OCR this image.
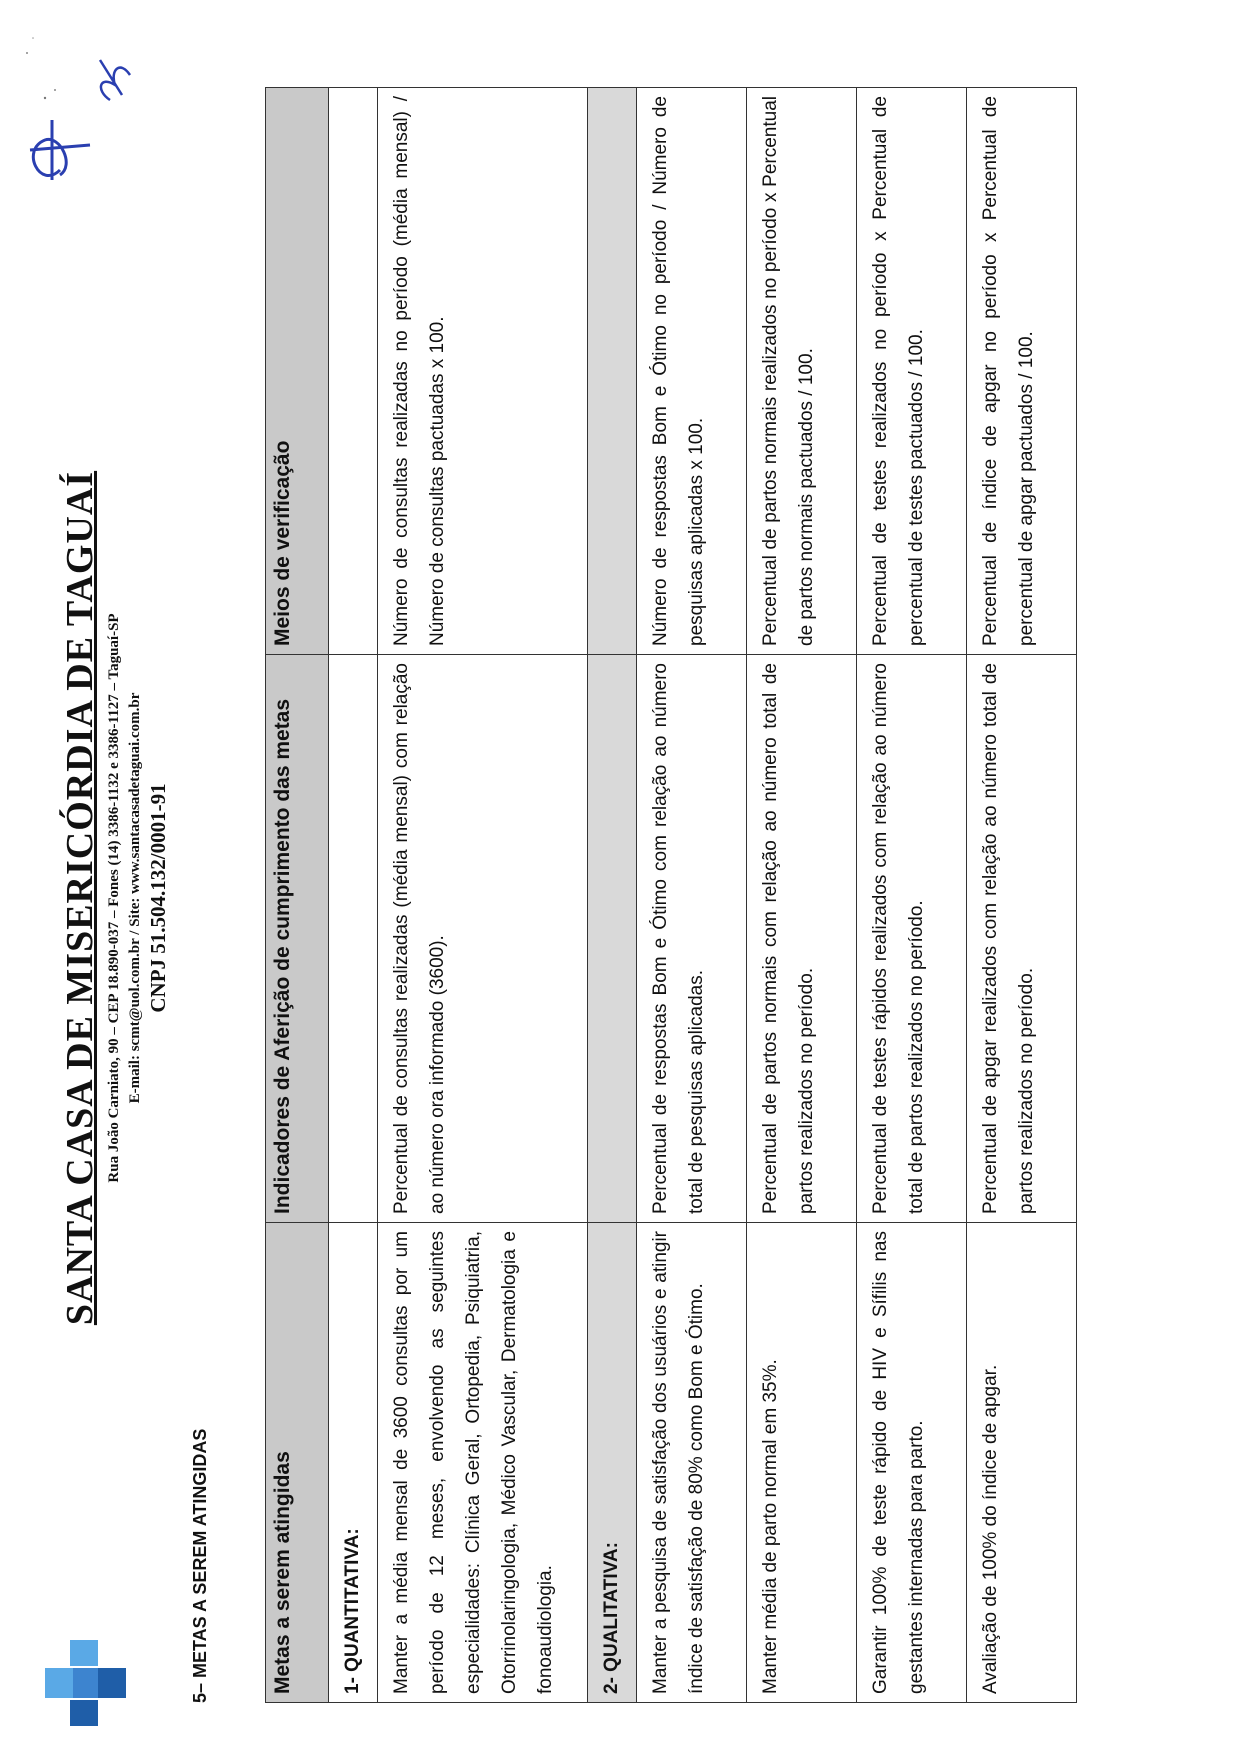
SANTA CASA DE MISERICÓRDIA DE TAGUAÍ Rua João Carniato, 90 – CEP 18.890-037 – Fones (14) 3386-1132 e 3386-1127 – Taguaí-SP E-mail: scmt@uol.com.br / Site: www.santacasadetaguai.com.br CNPJ 51.504.132/0001-91
5– METAS A SEREM ATINGIDAS	Metas a serem atingidas	Indicadores de Aferição de cumprimento das metas	Meios de verificação
1- QUANTITATIVA:		
Manter a média mensal de 3600 consultas por um período de 12 meses, envolvendo as seguintes especialidades: Clínica Geral, Ortopedia, Psiquiatria, Otorrinolaringologia, Médico Vascular, Dermatologia e fonoaudiologia.	Percentual de consultas realizadas (média mensal) com relação ao número ora informado (3600).	Número de consultas realizadas no período (média mensal) / Número de consultas pactuadas x 100.
2- QUALITATIVA:		
Manter a pesquisa de satisfação dos usuários e atingir índice de satisfação de 80% como Bom e Ótimo.	Percentual de respostas Bom e Ótimo com relação ao número total de pesquisas aplicadas.	Número de respostas Bom e Ótimo no período / Número de pesquisas aplicadas x 100.
Manter média de parto normal em 35%.	Percentual de partos normais com relação ao número total de partos realizados no período.	Percentual de partos normais realizados no período x Percentual de partos normais pactuados / 100.
Garantir 100% de teste rápido de HIV e Sífilis nas gestantes internadas para parto.	Percentual de testes rápidos realizados com relação ao número total de partos realizados no período.	Percentual de testes realizados no período x Percentual de percentual de testes pactuados / 100.
Avaliação de 100% do índice de apgar.	Percentual de apgar realizados com relação ao número total de partos realizados no período.	Percentual de índice de apgar no período x Percentual de percentual de apgar pactuados / 100.
